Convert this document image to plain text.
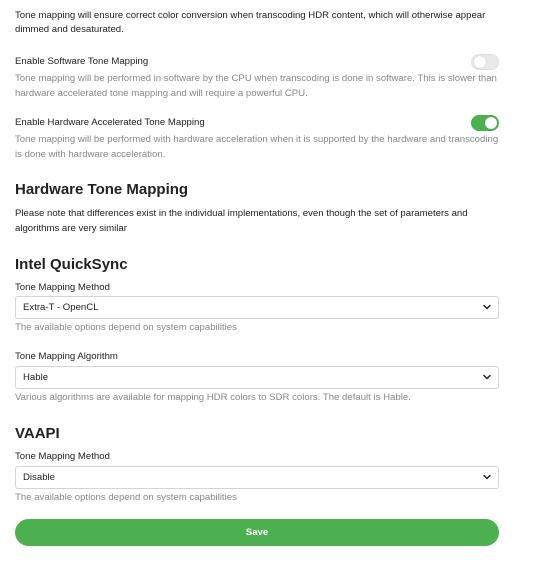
Tone mapping will ensure correct color conversion when transcoding HDR content, which will otherwise appear dimmed and desaturated.
Enable Software Tone Mapping
Tone mapping will be performed in software by the CPU when transcoding is done in software. This is slower than hardware accelerated tone mapping and will require a powerful CPU.
Enable Hardware Accelerated Tone Mapping
Tone mapping will be performed with hardware acceleration when it is supported by the hardware and transcoding is done with hardware acceleration.
Hardware Tone Mapping
Please note that differences exist in the individual implementations, even though the set of parameters and algorithms are very similar
Intel QuickSync
Tone Mapping Method
Extra-T - OpenCL
The available options depend on system capabilities
Tone Mapping Algorithm
Hable
Various algorithms are available for mapping HDR colors to SDR colors. The default is Hable.
VAAPI
Tone Mapping Method
Disable
The available options depend on system capabilities
Save
